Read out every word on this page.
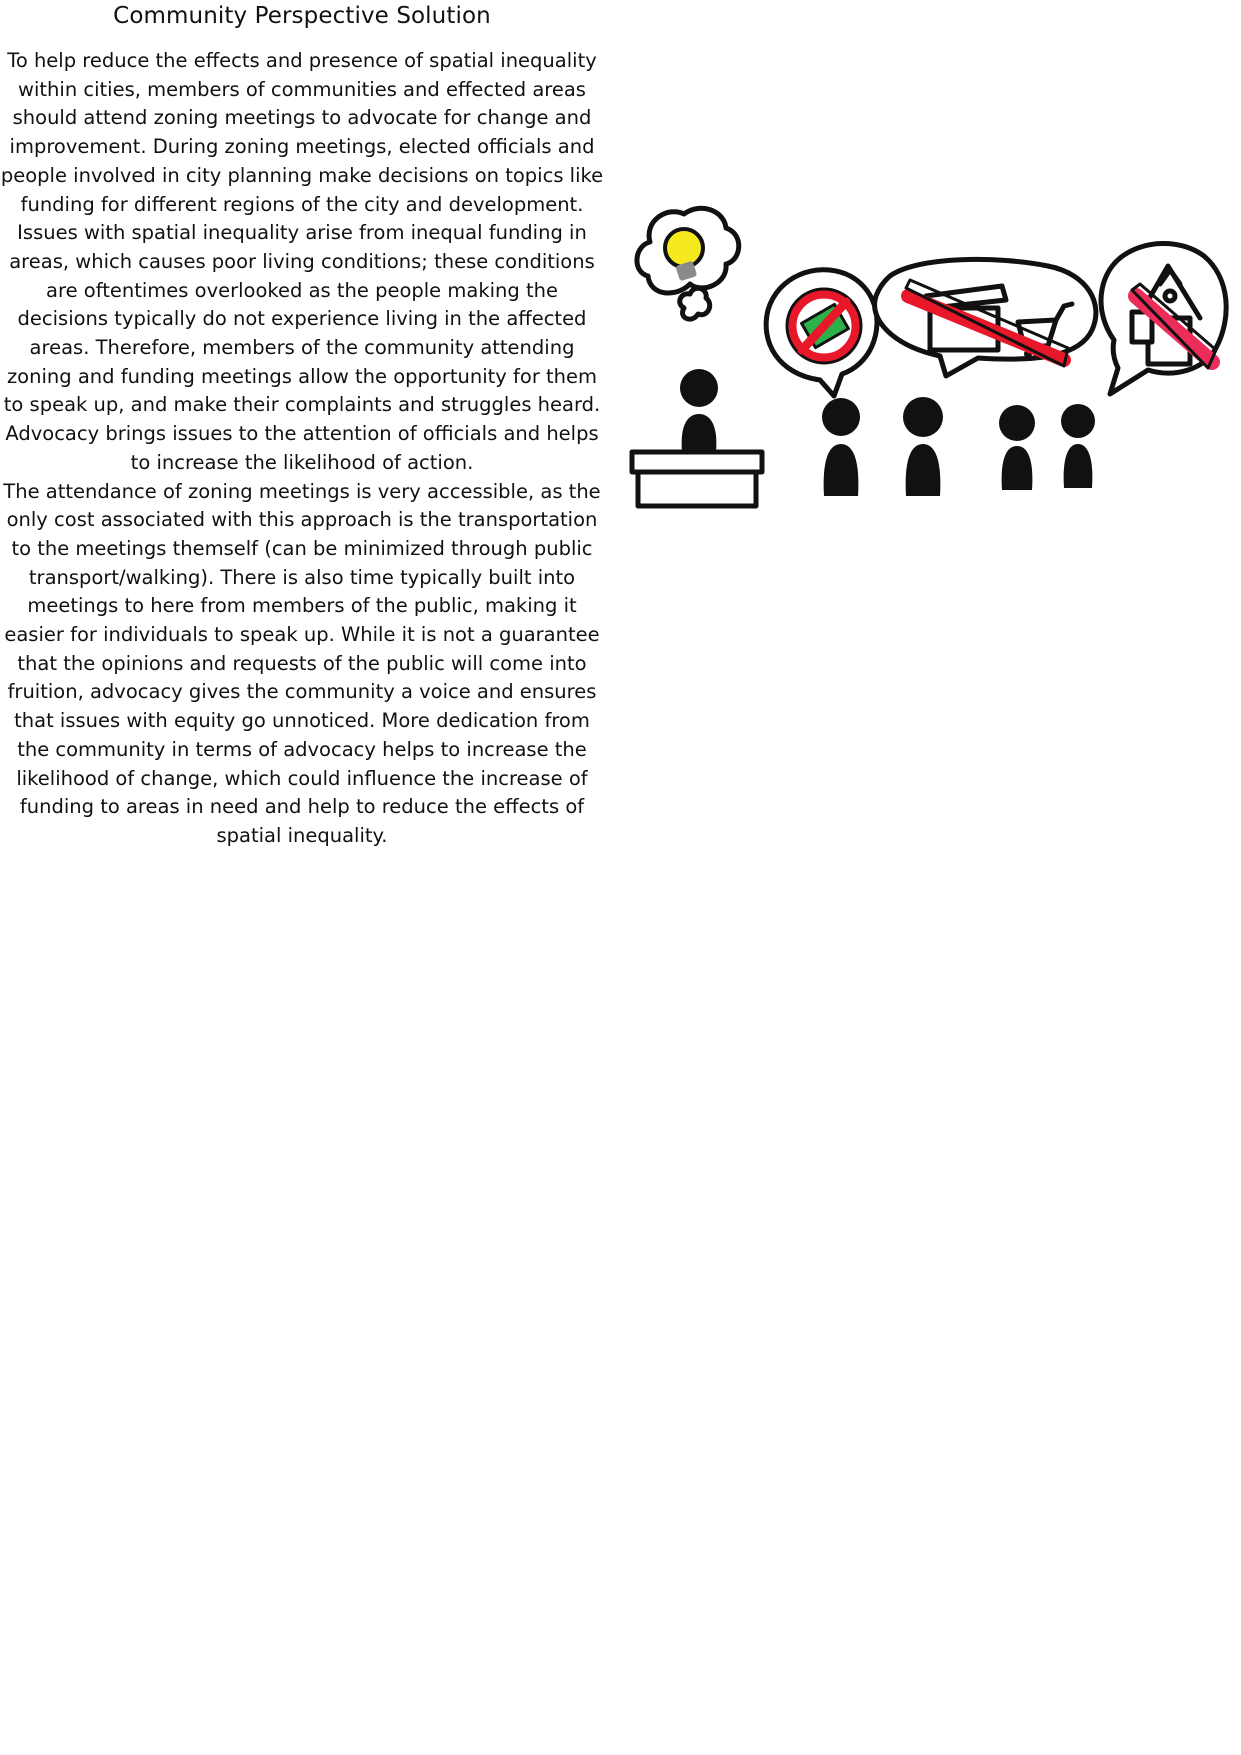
Community Perspective Solution

To help reduce the effects and presence of spatial inequality within cities, members of communities and effected areas should attend zoning meetings to advocate for change and improvement. During zoning meetings, elected officials and people involved in city planning make decisions on topics like funding for different regions of the city and development. Issues with spatial inequality arise from inequal funding in areas, which causes poor living conditions; these conditions are oftentimes overlooked as the people making the decisions typically do not experience living in the affected areas. Therefore, members of the community attending zoning and funding meetings allow the opportunity for them to speak up, and make their complaints and struggles heard. Advocacy brings issues to the attention of officials and helps to increase the likelihood of action.

The attendance of zoning meetings is very accessible, as the only cost associated with this approach is the transportation to the meetings themself (can be minimized through public transport/walking). There is also time typically built into meetings to here from members of the public, making it easier for individuals to speak up. While it is not a guarantee that the opinions and requests of the public will come into fruition, advocacy gives the community a voice and ensures that issues with equity go unnoticed. More dedication from the community in terms of advocacy helps to increase the likelihood of change, which could influence the increase of funding to areas in need and help to reduce the effects of spatial inequality.
